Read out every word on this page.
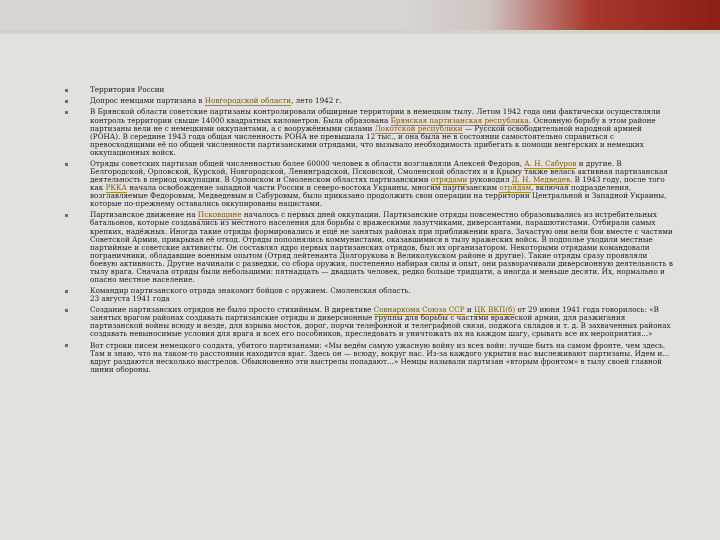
Территория России
Допрос немцами партизана в Новгородской области, лето 1942 г.
В Брянской области советские партизаны контролировали обширные территории в немецком тылу. Летом 1942 года они фактически осуществляли контроль территории свыше 14000 квадратных километров. Была образована Брянская партизанская республика. Основную борьбу в этом районе партизаны вели не с немецкими оккупантами, а с вооружёнными силами Локотской республики — Русской освободительной народной армией (РОНА). В середине 1943 года общая численность РОНА не превышала 12 тыс., и она была не в состоянии самостоятельно справиться с превосходящими её по общей численности партизанскими отрядами, что вызывало необходимость прибегать к помощи венгерских и немецких оккупационных войск.
Отряды советских партизан общей численностью более 60000 человек в области возглавляли Алексей Федоров, А. Н. Сабуров и другие. В Белгородской, Орловской, Курской, Новгородской, Ленинградской, Псковской, Смоленской областях и в Крыму также велась активная партизанская деятельность в период оккупации. В Орловском и Смоленском областях партизанскими отрядами руководил Д. Н. Медведев. В 1943 году, после того как РККА начала освобождение западной части России и северо-востока Украины, многим партизанским отрядам, включая подразделения, возглавляемые Федоровым, Медведевым и Сабуровым, было приказано продолжить свои операции на территории Центральной и Западной Украины, которые по-прежнему оставались оккупированы нацистами.
Партизанское движение на Псковщине началось с первых дней оккупации. Партизанские отряды повсеместно образовывались из истребительных батальонов, которые создавались из местного населения для борьбы с вражескими лазутчиками, диверсантами, парашютистами. Отбирали самых крепких, надёжных. Иногда такие отряды формировались и ещё не занятых районах при приближении врага. Зачастую они вели бои вместе с частями Советской Армии, прикрывая её отход. Отряды пополнялись коммунистами, оказавшимися в тылу вражеских войск. В подполье уходили местные партийные и советские активисты. Он составлял ядро первых партизанских отрядов, был их организатором. Некоторыми отрядами командовали пограничники, обладавшие военным опытом (Отряд лейтенанта Долгорукова в Великолукском районе и другие). Такие отряды сразу проявляли боевую активность. Другие начинали с разведки, со сбора оружия, постепенно набирая силы и опыт, они разворачивали диверсионную деятельность в тылу врага. Сначала отряды были небольшими: пятнадцать — двадцать человек, редко больше тридцати, а иногда и меньше десяти. Их, нормально и опасно местное население.
Командир партизанского отряда знакомит бойцов с оружием. Смоленская область.
23 августа 1941 года
Создание партизанских отрядов не было просто стихийным. В директиве Совнаркома Союза ССР и ЦК ВКП(б) от 29 июня 1941 года говорилось: «В занятых врагом районах создавать партизанские отряды и диверсионные группы для борьбы с частями вражеской армии, для разжигания партизанской войны всюду и везде, для взрыва мостов, дорог, порчи телефонной и телеграфной связи, поджога складов и т. д. В захваченных районах создавать невыносимые условия для врага и всех его пособников, преследовать и уничтожать их на каждом шагу, срывать все их мероприятия...»
Вот строки писем немецкого солдата, убитого партизанами: «Мы ведём самую ужасную войну из всех войн: лучше быть на самом фронте, чем здесь. Там я знаю, что на таком-то расстоянии находится враг. Здесь он — всюду, вокруг нас. Из-за каждого укрытия нас выслеживают партизаны. Идем и... вдруг раздаются несколько выстрелов. Обыкновенно эти выстрелы попадают...» Немцы называли партизан «вторым фронтом» в тылу своей главной линии обороны.
